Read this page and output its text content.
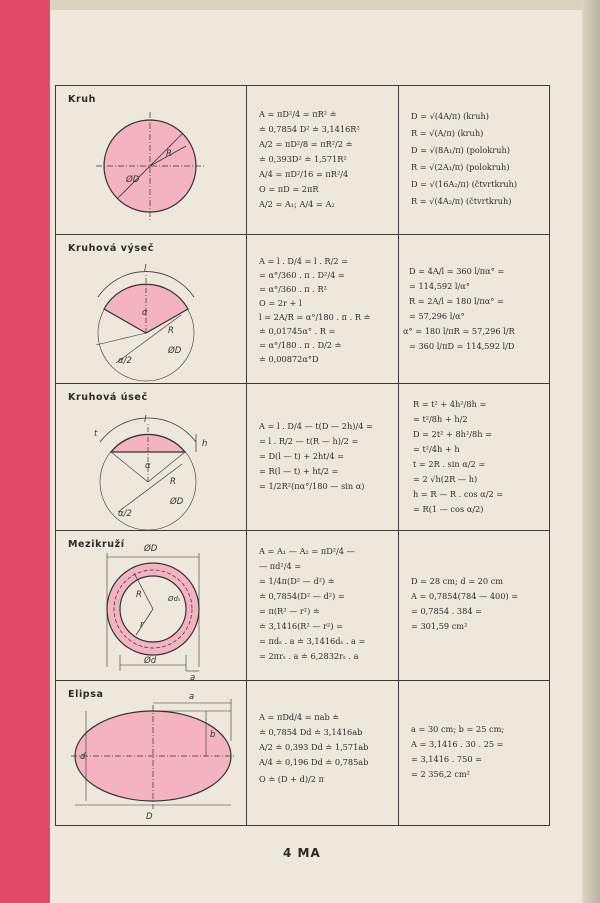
Kruh
ØD
R
A = πD²/4 = πR² ≐
≐ 0,7854 D² ≐ 3,1416R²
A/2 = πD²/8 = πR²/2 ≐
≐ 0,393D² ≐ 1,571R²
A/4 = πD²/16 = πR²/4
O = πD = 2πR
A/2 = A₁; A/4 = A₂
D = √(4A/π) (kruh)
R = √(A/π) (kruh)
D = √(8A₁/π) (polokruh)
R = √(2A₁/π) (polokruh)
D = √(16A₂/π) (čtvrtkruh)
R = √(4A₂/π) (čtvrtkruh)
Kruhová výseč
l
α
R
ØD
α/2
A = l . D/4 = l . R/2 =
= α°/360 . π . D²/4 =
= α°/360 . π . R²
O = 2r + l
l = 2A/R = α°/180 . π . R ≐
≐ 0,01745α° . R =
= α°/180 . π . D/2 ≐
≐ 0,00872α°D
D = 4A/l = 360 l/πα° =
= 114,592 l/α°
R = 2A/l = 180 l/πα° =
= 57,296 l/α°
α° = 180 l/πR = 57,296 l/R
= 360 l/πD = 114,592 l/D
Kruhová úseč
l
t
h
α
R
ØD
α/2
A = l . D/4 — t(D — 2h)/4 =
= l . R/2 — t(R — h)/2 =
= D(l — t) + 2ht/4 =
= R(l — t) + ht/2 =
= 1/2R²(πα°/180 — sin α)
R = t² + 4h²/8h =
= t²/8h + h/2
D = 2t² + 8h²/8h =
= t²/4h + h
t = 2R . sin α/2 =
= 2 √h(2R — h)
h = R — R . cos α/2 =
= R(1 — cos α/2)
Mezikruží ØD
Ød
a
R
r
Ødₛ
A = A₁ — A₂ = πD²/4 —
— πd²/4 =
= 1/4π(D² — d²) ≐
≐ 0,7854(D² — d²) =
= π(R² — r²) ≐
≐ 3,1416(R² — r²) =
= πdₛ . a ≐ 3,1416dₛ . a =
= 2πrₛ . a ≐ 6,2832rₛ . a
D = 28 cm; d = 20 cm
A = 0,7854(784 — 400) =
= 0,7854 . 384 =
= 301,59 cm²
Elipsa	a
b
d
D
A = πDd/4 = πab ≐
≐ 0,7854 Dd ≐ 3,1416ab
A/2 ≐ 0,393 Dd ≐ 1,571ab
A/4 ≐ 0,196 Dd ≐ 0,785ab
O ≐ (D + d)/2 π
a = 30 cm; b = 25 cm;
A = 3,1416 . 30 . 25 =
= 3,1416 . 750 =
= 2 356,2 cm²
4 MA
